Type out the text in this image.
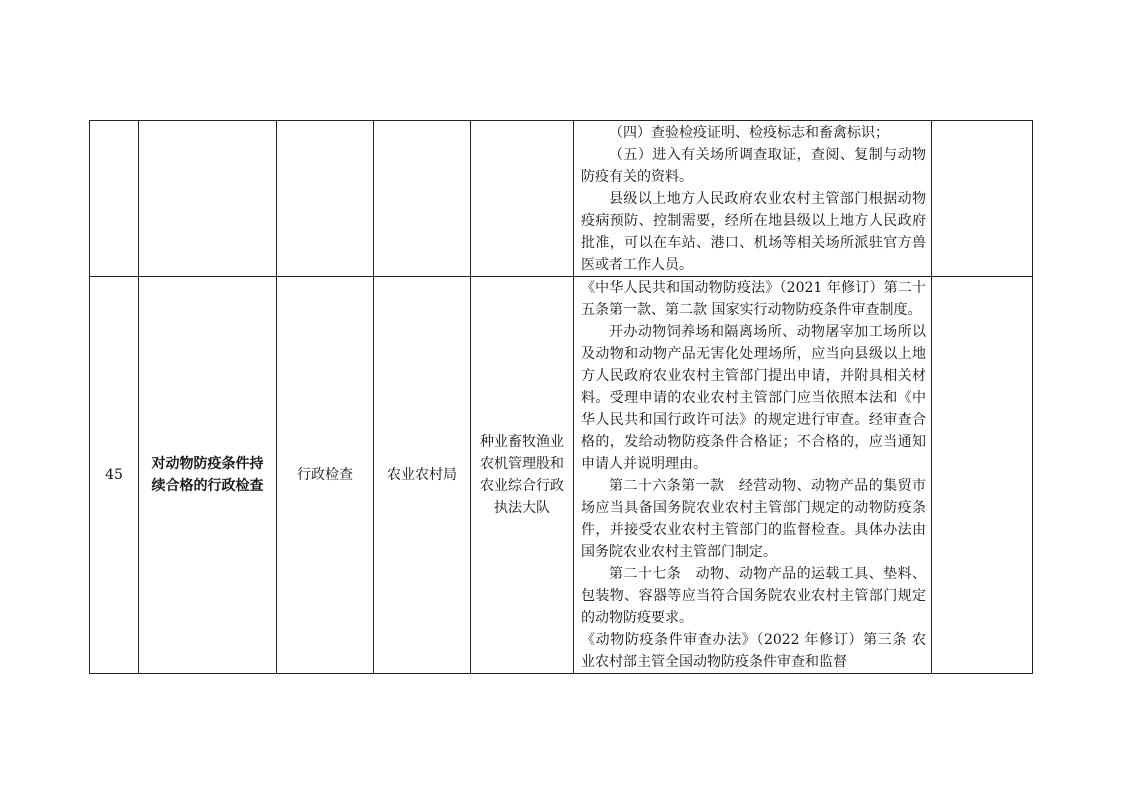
					（四）查验检疫证明、检疫标志和畜禽标识；

（五）进入有关场所调查取证，查阅、复制与动物防疫有关的资料。

县级以上地方人民政府农业农村主管部门根据动物疫病预防、控制需要，经所在地县级以上地方人民政府批准，可以在车站、港口、机场等相关场所派驻官方兽医或者工作人员。	

45	对动物防疫条件持续合格的行政检查	行政检查	农业农村局	种业畜牧渔业农机管理股和农业综合行政执法大队	《中华人民共和国动物防疫法》（2021 年修订）第二十五条第一款、第二款 国家实行动物防疫条件审查制度。

开办动物饲养场和隔离场所、动物屠宰加工场所以及动物和动物产品无害化处理场所，应当向县级以上地方人民政府农业农村主管部门提出申请，并附具相关材料。受理申请的农业农村主管部门应当依照本法和《中华人民共和国行政许可法》的规定进行审查。经审查合格的，发给动物防疫条件合格证；不合格的，应当通知申请人并说明理由。

第二十六条第一款　经营动物、动物产品的集贸市场应当具备国务院农业农村主管部门规定的动物防疫条件，并接受农业农村主管部门的监督检查。具体办法由国务院农业农村主管部门制定。

第二十七条　动物、动物产品的运载工具、垫料、包装物、容器等应当符合国务院农业农村主管部门规定的动物防疫要求。

《动物防疫条件审查办法》（2022 年修订）第三条 农业农村部主管全国动物防疫条件审查和监督	
